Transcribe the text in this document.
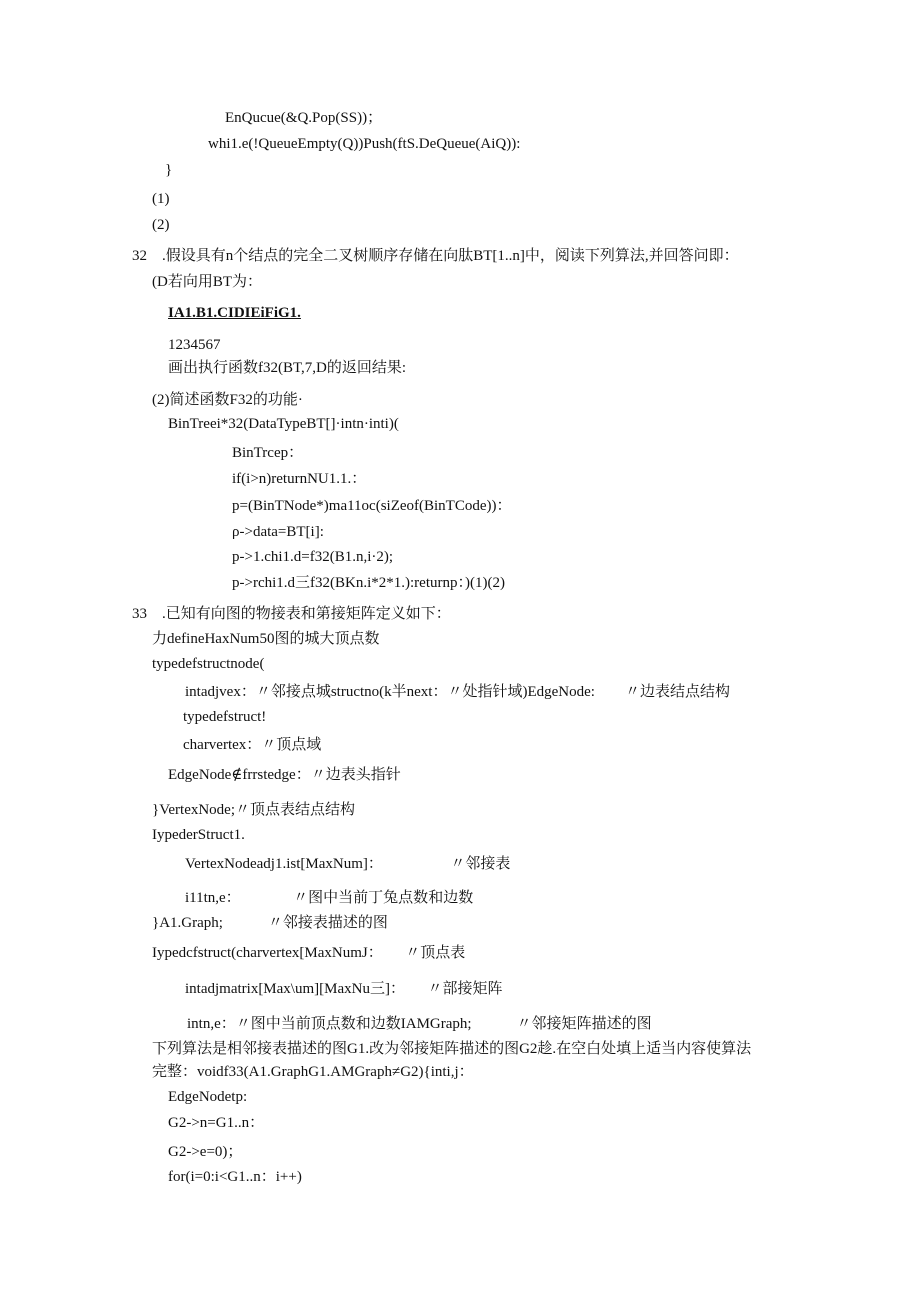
EnQucue(&Q.Pop(SS))；
whi1.e(!QueueEmpty(Q))Push(ftS.DeQueue(AiQ)):
}
(1)
(2)
32　.假设具有n个结点的完全二叉树顺序存储在向肽BT[1..n]中，阅读下列算法,并回答问即：
(D若向用BT为：
IA1.B1.CIDIEiFiG1.
1234567
画出执行函数f32(BT,7,D的返回结果:
(2)简述函数F32的功能·
BinTreei*32(DataTypeBT[]·intn·inti)(
BinTrcep：
if(i>n)returnNU1.1.：
p=(BinTNode*)ma11oc(siZeof(BinTCode))：
ρ->data=BT[i]:
p->1.chi1.d=f32(B1.n,i·2);
p->rchi1.d三f32(BKn.i*2*1.):returnp：)(1)(2)
33　.已知有向图的物接表和第接矩阵定义如下：
力defineHaxNum50图的城大顶点数
typedefstructnode(
intadjvex：〃邻接点城structno(k半next：〃处指针域)EdgeNode:　　〃边表结点结构
typedefstruct!
charvertex：〃顶点域
EdgeNode∉frrstedge：〃边表头指针
}VertexNode;〃顶点表结点结构
IypederStruct1.
VertexNodeadj1.ist[MaxNum]：　　　　　〃邻接表
i11tn,e：　　　　〃图中当前丁兔点数和边数
}A1.Graph;　　　〃邻接表描述的图
Iypedcfstruct(charvertex[MaxNumJ：　　〃顶点表
intadjmatrix[Max\um][MaxNu三]：　　〃部接矩阵
intn,e：〃图中当前顶点数和边数IAMGraph;　　　〃邻接矩阵描述的图
下列算法是相邻接表描述的图G1.改为邻接矩阵描述的图G2趁.在空白处填上适当内容使算法
完整：voidf33(A1.GraphG1.AMGraph≠G2){inti,j：
EdgeNodetp:
G2->n=G1..n：
G2->e=0)；
for(i=0:i<G1..n：i++)
